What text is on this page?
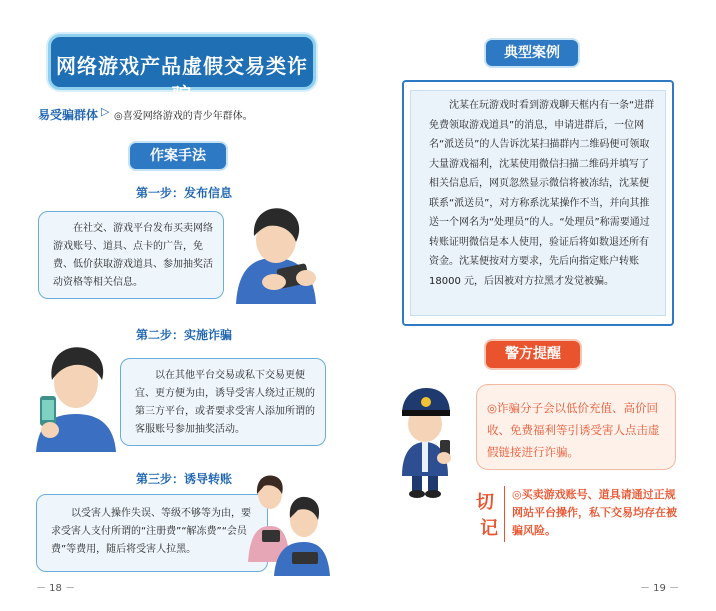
网络游戏产品虚假交易类诈骗
易受骗群体 ▷ ◎喜爱网络游戏的青少年群体。
作案手法
第一步：发布信息
在社交、游戏平台发布买卖网络游戏账号、道具、点卡的广告，免费、低价获取游戏道具、参加抽奖活动资格等相关信息。
第二步：实施诈骗
以在其他平台交易或私下交易更便宜、更方便为由，诱导受害人绕过正规的第三方平台，或者要求受害人添加所谓的客服账号参加抽奖活动。
第三步：诱导转账
以受害人操作失误、等级不够等为由，要求受害人支付所谓的“注册费”“解冻费”“会员费”等费用，随后将受害人拉黑。
－ 18 －
典型案例
沈某在玩游戏时看到游戏聊天框内有一条“进群免费领取游戏道具”的消息，申请进群后，一位网名“派送员”的人告诉沈某扫描群内二维码便可领取大量游戏福利，沈某使用微信扫描二维码并填写了相关信息后，网页忽然显示微信将被冻结，沈某便联系“派送员”，对方称系沈某操作不当，并向其推送一个网名为“处理员”的人。“处理员”称需要通过转账证明微信是本人使用，验证后将如数退还所有资金。沈某便按对方要求，先后向指定账户转账 18000 元，后因被对方拉黑才发觉被骗。
警方提醒
◎诈骗分子会以低价充值、高价回收、免费福利等引诱受害人点击虚假链接进行诈骗。
切
记
◎买卖游戏账号、道具请通过正规网站平台操作，私下交易均存在被骗风险。
－ 19 －
